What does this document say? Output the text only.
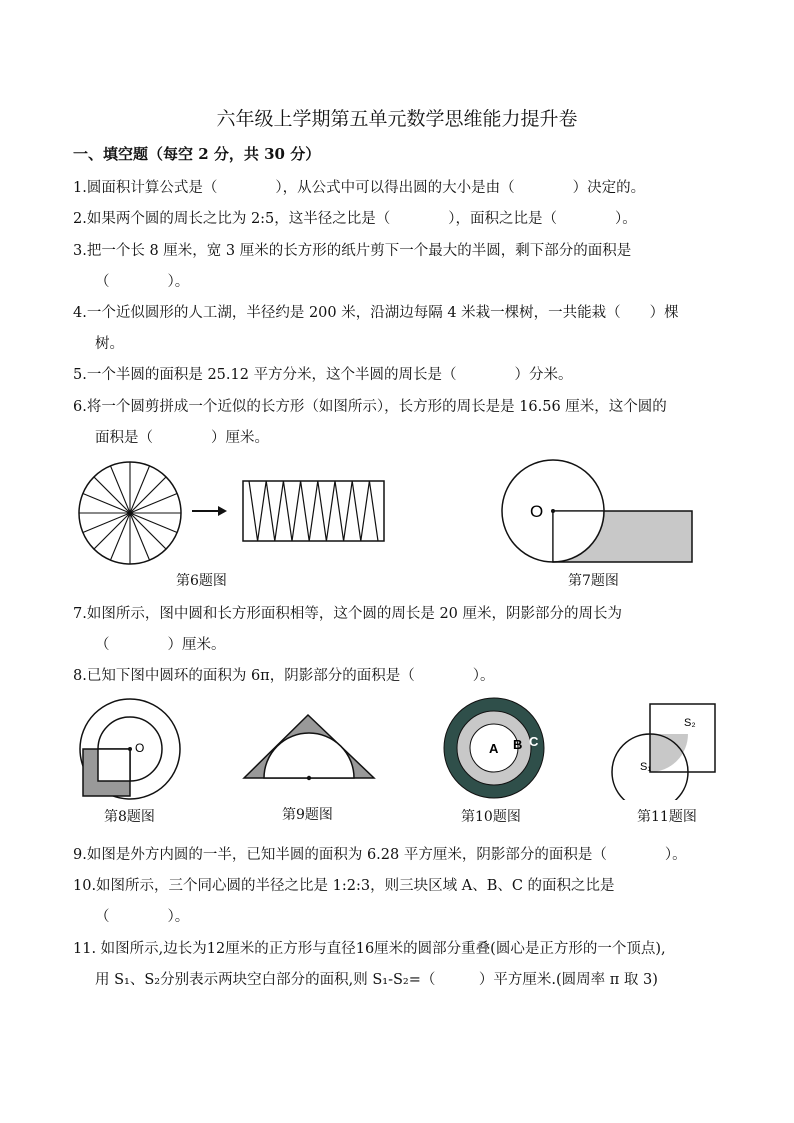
六年级上学期第五单元数学思维能力提升卷
一、填空题（每空 2 分，共 30 分）
1.圆面积计算公式是（　　　　），从公式中可以得出圆的大小是由（　　　　）决定的。
2.如果两个圆的周长之比为 2:5，这半径之比是（　　　　），面积之比是（　　　　）。
3.把一个长 8 厘米，宽 3 厘米的长方形的纸片剪下一个最大的半圆，剩下部分的面积是
（　　　　）。
4.一个近似圆形的人工湖，半径约是 200 米，沿湖边每隔 4 米栽一棵树，一共能栽（　　）棵
树。
5.一个半圆的面积是 25.12 平方分米，这个半圆的周长是（　　　　）分米。
6.将一个圆剪拼成一个近似的长方形（如图所示），长方形的周长是是 16.56 厘米，这个圆的
面积是（　　　　）厘米。
第6题图
O
第7题图
7.如图所示，图中圆和长方形面积相等，这个圆的周长是 20 厘米，阴影部分的周长为
（　　　　）厘米。
8.已知下图中圆环的面积为 6π，阴影部分的面积是（　　　　）。
O
第8题图	第9题图
A B C
第10题图
S₁
S₂
第11题图
9.如图是外方内圆的一半，已知半圆的面积为 6.28 平方厘米，阴影部分的面积是（　　　　）。
10.如图所示，三个同心圆的半径之比是 1:2:3，则三块区域 A、B、C 的面积之比是
（　　　　）。
11. 如图所示,边长为12厘米的正方形与直径16厘米的圆部分重叠(圆心是正方形的一个顶点),
用 S₁、S₂分别表示两块空白部分的面积,则 S₁-S₂=（　　　）平方厘米.(圆周率 π 取 3)
